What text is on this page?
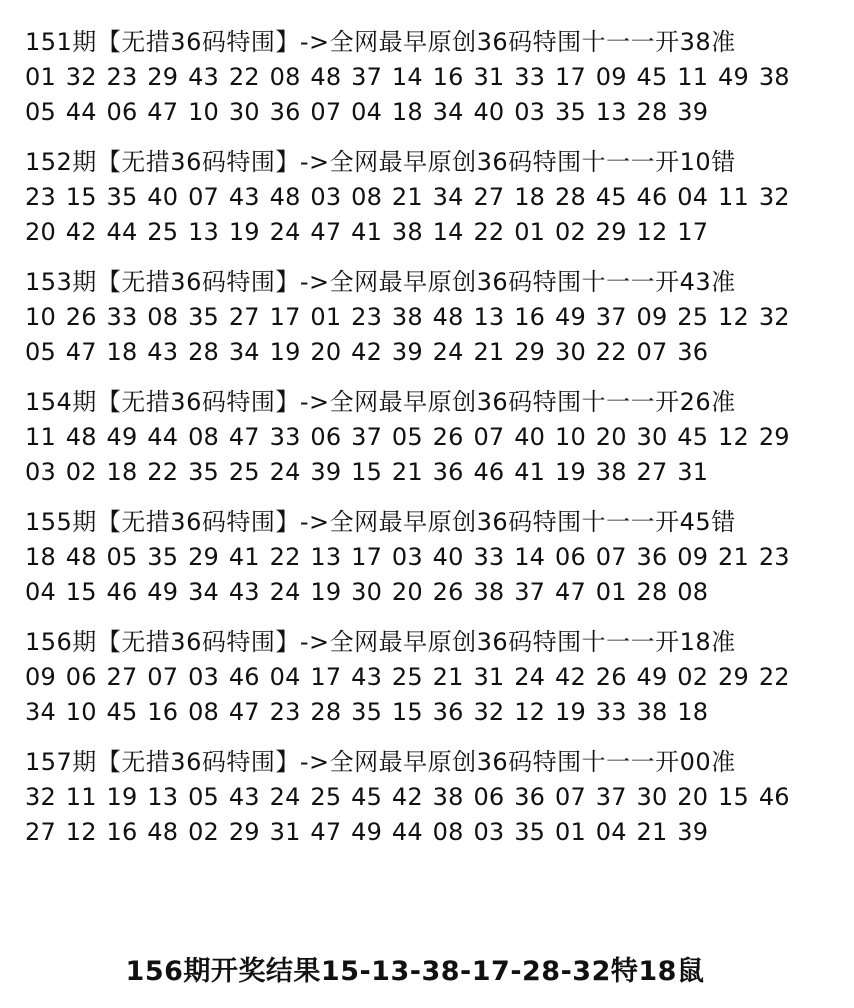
151期【无措36码特围】->全网最早原创36码特围十一一开38准
01 32 23 29 43 22 08 48 37 14 16 31 33 17 09 45 11 49 38
05 44 06 47 10 30 36 07 04 18 34 40 03 35 13 28 39
152期【无措36码特围】->全网最早原创36码特围十一一开10错
23 15 35 40 07 43 48 03 08 21 34 27 18 28 45 46 04 11 32
20 42 44 25 13 19 24 47 41 38 14 22 01 02 29 12 17
153期【无措36码特围】->全网最早原创36码特围十一一开43准
10 26 33 08 35 27 17 01 23 38 48 13 16 49 37 09 25 12 32
05 47 18 43 28 34 19 20 42 39 24 21 29 30 22 07 36
154期【无措36码特围】->全网最早原创36码特围十一一开26准
11 48 49 44 08 47 33 06 37 05 26 07 40 10 20 30 45 12 29
03 02 18 22 35 25 24 39 15 21 36 46 41 19 38 27 31
155期【无措36码特围】->全网最早原创36码特围十一一开45错
18 48 05 35 29 41 22 13 17 03 40 33 14 06 07 36 09 21 23
04 15 46 49 34 43 24 19 30 20 26 38 37 47 01 28 08
156期【无措36码特围】->全网最早原创36码特围十一一开18准
09 06 27 07 03 46 04 17 43 25 21 31 24 42 26 49 02 29 22
34 10 45 16 08 47 23 28 35 15 36 32 12 19 33 38 18
157期【无措36码特围】->全网最早原创36码特围十一一开00准
32 11 19 13 05 43 24 25 45 42 38 06 36 07 37 30 20 15 46
27 12 16 48 02 29 31 47 49 44 08 03 35 01 04 21 39
156期开奖结果15-13-38-17-28-32特18鼠
